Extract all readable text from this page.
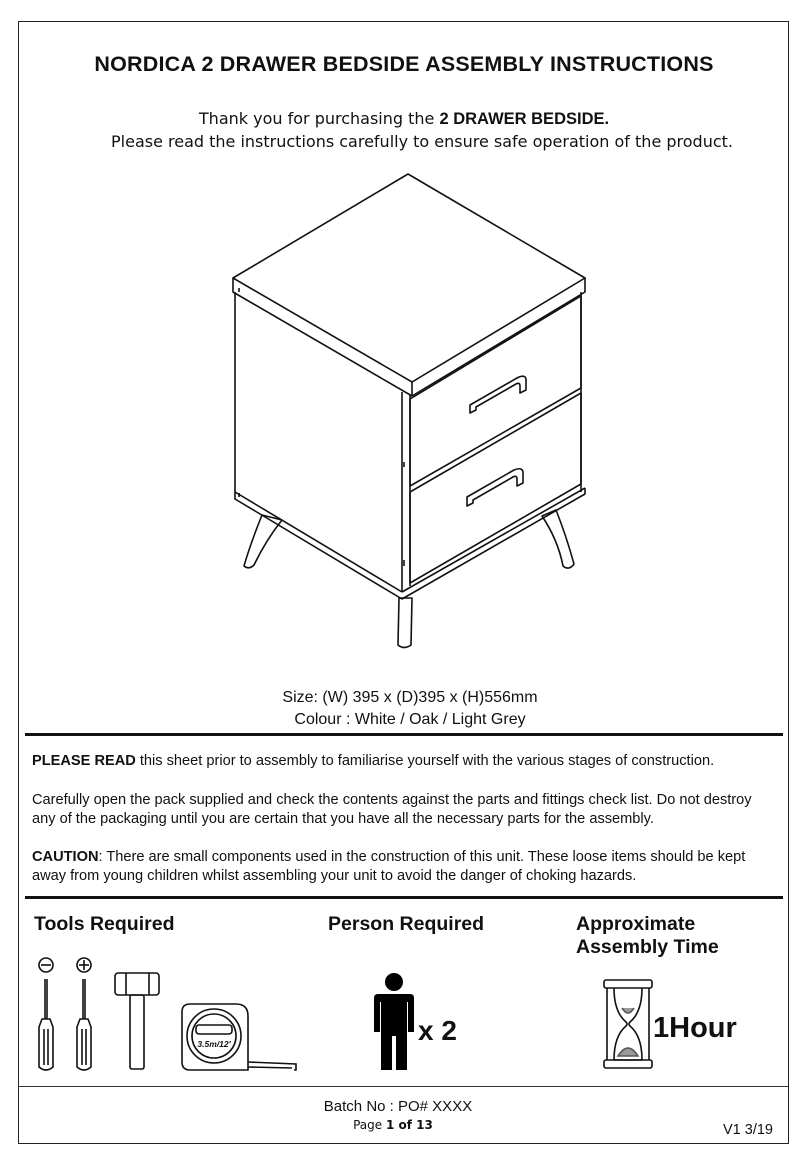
NORDICA 2 DRAWER BEDSIDE ASSEMBLY INSTRUCTIONS
Thank you for purchasing the 2 DRAWER BEDSIDE.
Please read the instructions carefully to ensure safe operation of the product.
Size: (W) 395 x (D)395 x (H)556mm
Colour : White / Oak / Light Grey
PLEASE READ this sheet prior to assembly to familiarise yourself with the various stages of construction.
Carefully open the pack supplied and check the contents against the parts and fittings check list. Do not destroy any of the packaging until you are certain that you have all the necessary parts for the assembly.
CAUTION: There are small components used in the construction of this unit. These loose items should be kept away from young children whilst assembling your unit to avoid the danger of choking hazards.
Tools Required	Person Required	Approximate
Assembly Time
3.5m/12'	x 2	1Hour
Batch No : PO# XXXX
Page 1 of 13	V1 3/19
